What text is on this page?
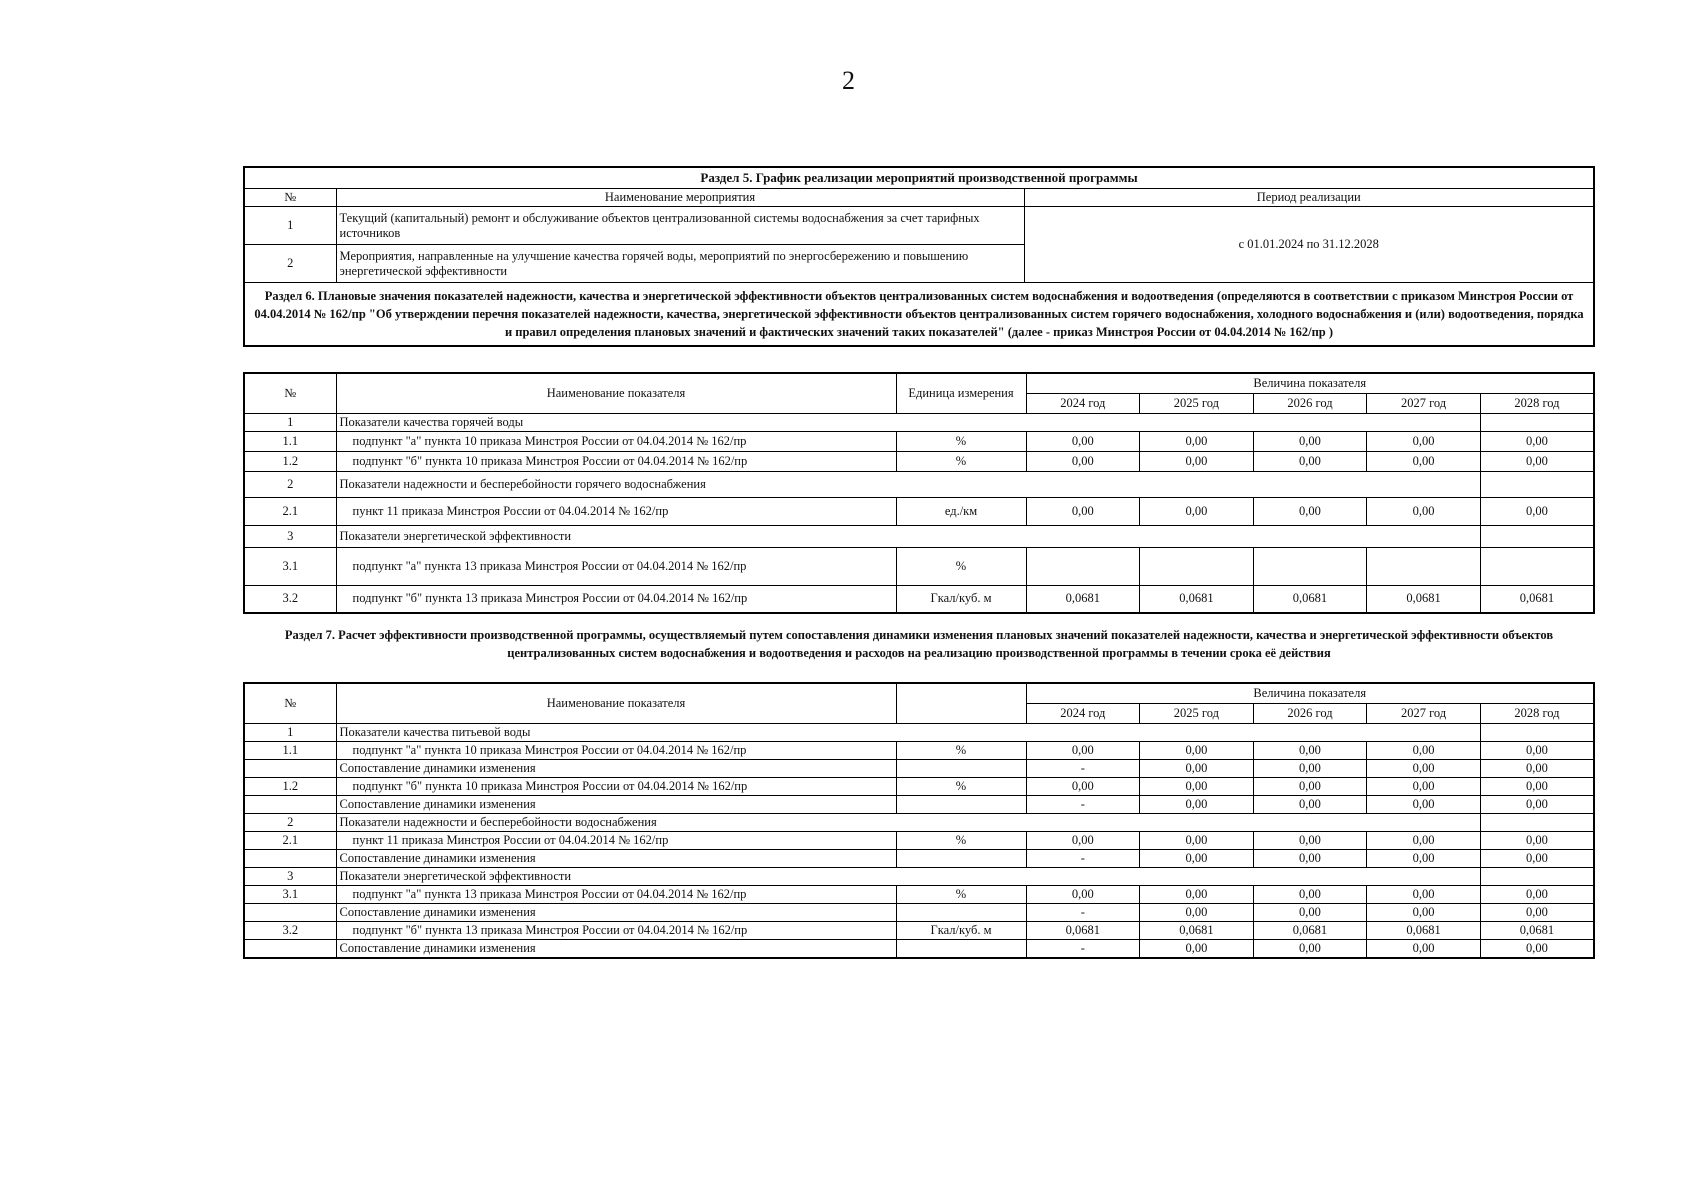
2
Раздел 5. График реализации мероприятий производственной программы		
№	Наименование мероприятия	Период реализации
1	Текущий (капитальный) ремонт и обслуживание объектов централизованной системы водоснабжения за счет тарифных источников	с 01.01.2024 по 31.12.2028
2	Мероприятия, направленные на улучшение качества горячей воды, мероприятий по энергосбережению и повышению энергетической эффективности	
Раздел 6. Плановые значения показателей надежности, качества и энергетической эффективности объектов централизованных систем водоснабжения и водоотведения (определяются в соответствии с приказом Минстроя России от 04.04.2014 № 162/пр "Об утверждении перечня показателей надежности, качества, энергетической эффективности объектов централизованных систем горячего водоснабжения, холодного водоснабжения и (или) водоотведения, порядка и правил определения плановых значений и фактических значений таких показателей" (далее - приказ Минстроя России от 04.04.2014 № 162/пр )		
№	Наименование показателя	Единица измерения	Величина показателя				
			2024 год	2025 год	2026 год	2027 год	2028 год
1	Показатели качества горячей воды						
1.1	подпункт "а" пункта 10 приказа Минстроя России от 04.04.2014 № 162/пр	%	0,00	0,00	0,00	0,00	0,00
1.2	подпункт "б" пункта 10 приказа Минстроя России от 04.04.2014 № 162/пр	%	0,00	0,00	0,00	0,00	0,00
2	Показатели надежности и бесперебойности горячего водоснабжения						
2.1	пункт 11 приказа Минстроя России от 04.04.2014 № 162/пр	ед./км	0,00	0,00	0,00	0,00	0,00
3	Показатели энергетической эффективности						
3.1	подпункт "а" пункта 13 приказа Минстроя России от 04.04.2014 № 162/пр	%					
3.2	подпункт "б" пункта 13 приказа Минстроя России от 04.04.2014 № 162/пр	Гкал/куб. м	0,0681	0,0681	0,0681	0,0681	0,0681
Раздел 7. Расчет эффективности производственной программы, осуществляемый путем сопоставления динамики изменения плановых значений показателей надежности, качества и энергетической эффективности объектов централизованных систем водоснабжения и водоотведения и расходов на реализацию производственной программы в течении срока её действия
№	Наименование показателя		Величина показателя				
			2024 год	2025 год	2026 год	2027 год	2028 год
1	Показатели качества питьевой воды						
1.1	подпункт "а" пункта 10 приказа Минстроя России от 04.04.2014 № 162/пр	%	0,00	0,00	0,00	0,00	0,00
	Сопоставление динамики изменения		-	0,00	0,00	0,00	0,00
1.2	подпункт "б" пункта 10 приказа Минстроя России от 04.04.2014 № 162/пр	%	0,00	0,00	0,00	0,00	0,00
	Сопоставление динамики изменения		-	0,00	0,00	0,00	0,00
2	Показатели надежности и бесперебойности водоснабжения						
2.1	пункт 11 приказа Минстроя России от 04.04.2014 № 162/пр	%	0,00	0,00	0,00	0,00	0,00
	Сопоставление динамики изменения		-	0,00	0,00	0,00	0,00
3	Показатели энергетической эффективности						
3.1	подпункт "а" пункта 13 приказа Минстроя России от 04.04.2014 № 162/пр	%	0,00	0,00	0,00	0,00	0,00
	Сопоставление динамики изменения		-	0,00	0,00	0,00	0,00
3.2	подпункт "б" пункта 13 приказа Минстроя России от 04.04.2014 № 162/пр	Гкал/куб. м	0,0681	0,0681	0,0681	0,0681	0,0681
	Сопоставление динамики изменения		-	0,00	0,00	0,00	0,00
